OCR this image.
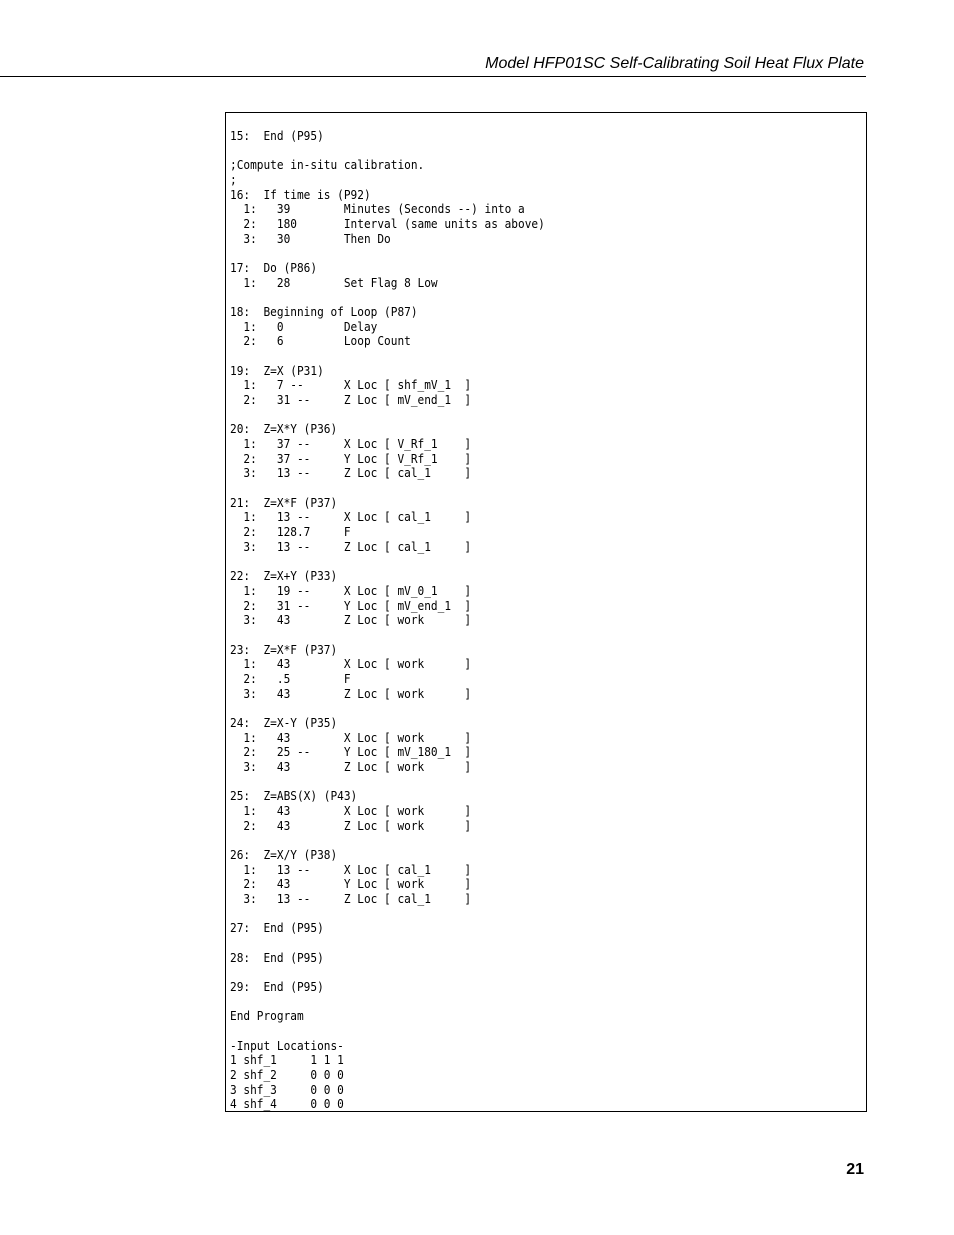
Model HFP01SC Self-Calibrating Soil Heat Flux Plate
15:  End (P95)
;Compute in-situ calibration.
;
16:  If time is (P92)
1:   39        Minutes (Seconds --) into a
2:   180       Interval (same units as above)
3:   30        Then Do
17:  Do (P86)
1:   28        Set Flag 8 Low
18:  Beginning of Loop (P87)
1:   0         Delay
2:   6         Loop Count
19:  Z=X (P31)
1:   7 --      X Loc [ shf_mV_1  ]
2:   31 --     Z Loc [ mV_end_1  ]
20:  Z=X*Y (P36)
1:   37 --     X Loc [ V_Rf_1    ]
2:   37 --     Y Loc [ V_Rf_1    ]
3:   13 --     Z Loc [ cal_1     ]
21:  Z=X*F (P37)
1:   13 --     X Loc [ cal_1     ]
2:   128.7     F
3:   13 --     Z Loc [ cal_1     ]
22:  Z=X+Y (P33)
1:   19 --     X Loc [ mV_0_1    ]
2:   31 --     Y Loc [ mV_end_1  ]
3:   43        Z Loc [ work      ]
23:  Z=X*F (P37)
1:   43        X Loc [ work      ]
2:   .5        F
3:   43        Z Loc [ work      ]
24:  Z=X-Y (P35)
1:   43        X Loc [ work      ]
2:   25 --     Y Loc [ mV_180_1  ]
3:   43        Z Loc [ work      ]
25:  Z=ABS(X) (P43)
1:   43        X Loc [ work      ]
2:   43        Z Loc [ work      ]
26:  Z=X/Y (P38)
1:   13 --     X Loc [ cal_1     ]
2:   43        Y Loc [ work      ]
3:   13 --     Z Loc [ cal_1     ]
27:  End (P95)
28:  End (P95)
29:  End (P95)
End Program
-Input Locations-
1 shf_1     1 1 1
2 shf_2     0 0 0
3 shf_3     0 0 0
4 shf_4     0 0 0
21
